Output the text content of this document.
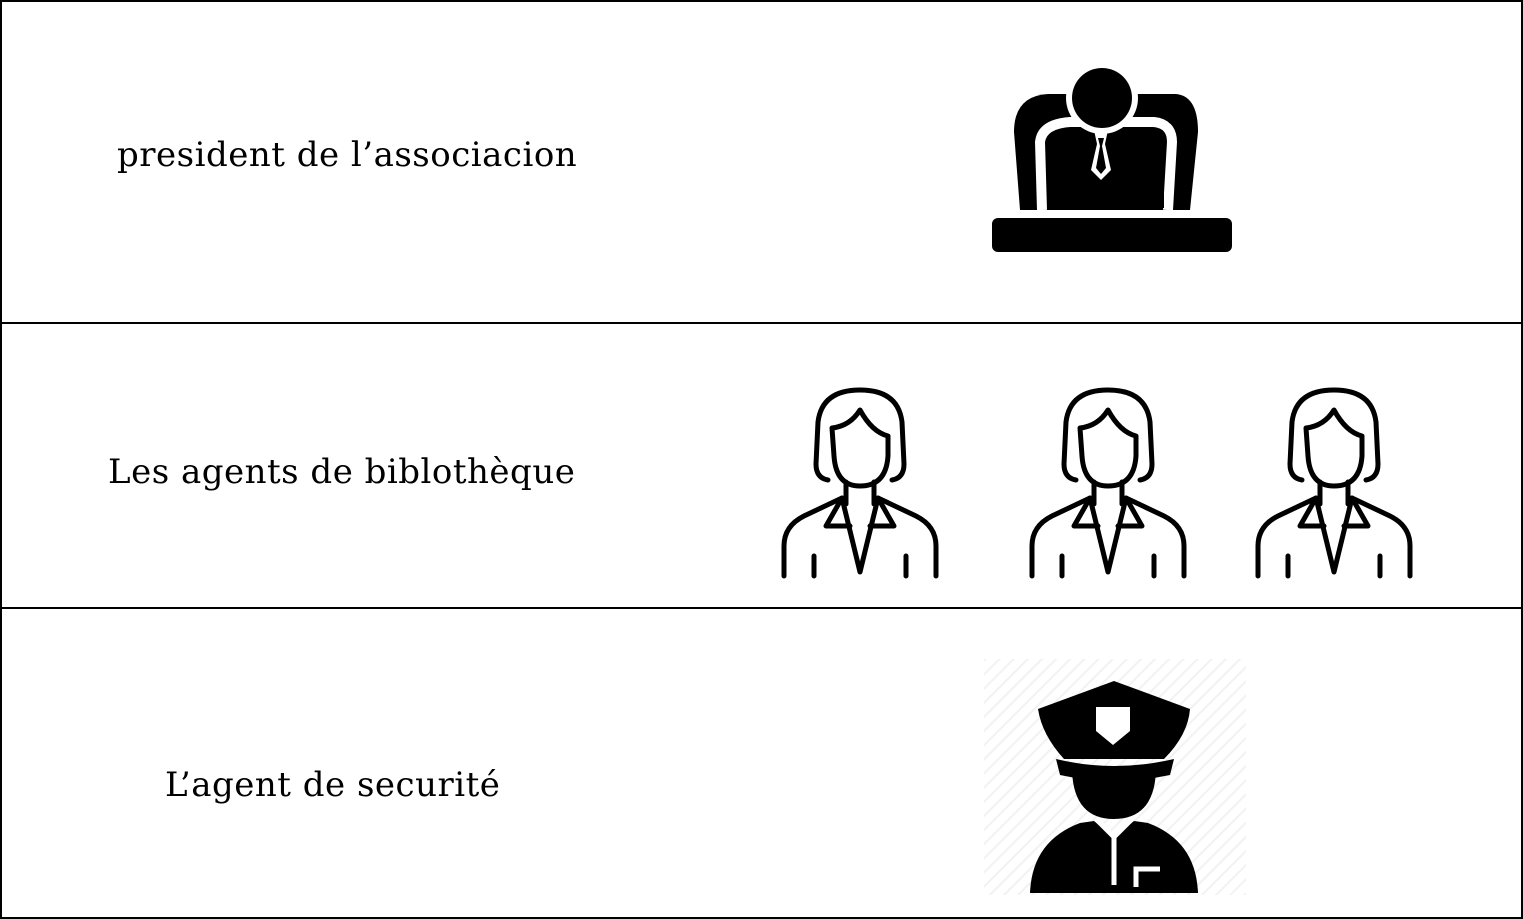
president de l’associacion
Les agents de biblothèque
L’agent de securité
